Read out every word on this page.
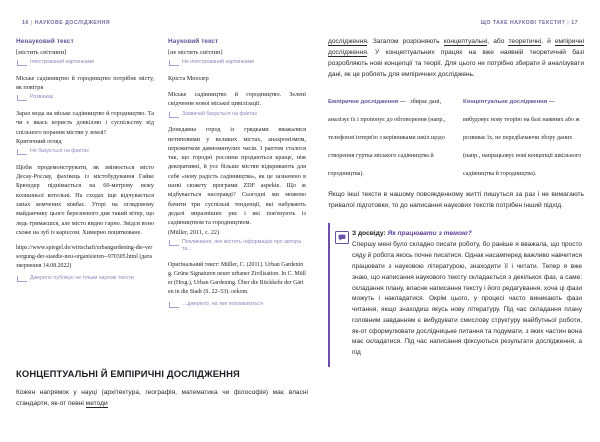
16 | НАУКОВЕ ДОСЛІДЖЕННЯ	ЩО ТАКЕ НАУКОВІ ТЕКСТИ? | 17
Ненауковий текст
[містить світлини]
Ілюстрований картинками
Міське садівництво й городництво потрібне місту, як повітря
Розважає
Зараз мода на міське садівництво й городництво. Та чи є якась користь довкіллю і суспільству від спільного порання містян у землі?
Критичний огляд
Не базується на фактах
Щоби продемонструвати, як змінюється місто Десау-Рослау, фахівець із містобудування Гайке Брюндер піднімається на 60-метрову вежу колишньої котельні. На сходах іще відчувається запах комчених ковбас. Угорі на оглядовому майданчику цього березневого дня такий вітер, що ледь тримаєшся, але місто видно гарно. Звідси воно схоже на зуб із карієсом. Химерно поцятковане.
https://www.spiegel.de/wirtschaft/urbangardening-die-versorgung-der-staedte-neu-organisieren--970305.html (дата звернення 14.08.2022)
Джерело публікує не тільки наукові тексти
Науковий текст
[не містить світлин]
Не ілюстрований картинками
Кріста Мюллер
Міське садівництво й городництво. Зелені свідчення нової міської цивілізації.
Зазвичай базується на фактах
Донедавна город із грядками вважалися нетиповими у великих містах, анахронізмом, пережитком давноминулих часів. І раптом сталося так, що городні рослини продаються краще, ніж декоративні, й усе більше містян відкривають для себе «нову радість садівництва», як це зазначено в назві сюжету програми ZDF aspekte. Що ж відбувається насправді? Сьогодні ми можемо бачити три суспільні тенденції, які набувають дедалі виразніших рис і які пов'язують із садівництвом та городництвом.
(Müller, 2011, с. 22)
Покликання, яке містить інформацію про автора та...
Оригінальний текст: Müller, C. (2011). Urban Gardening. Grüne Signaturen neuer urbaner Zivilisation. In C. Müller (Hrsg.), Urban Gardening. Über die Rückkehr der Gärten in die Stadt (S. 22–53). oekom.
…джерело, на яке покликаються
КОНЦЕПТУАЛЬНІ Й ЕМПІРИЧНІ ДОСЛІДЖЕННЯ

Кожен напрямок у науці (архітектура, географія, математика чи філософія) має власні стандарти, як-от певні методи

дослідження. Загалом розрізняють концептуальні, або теоретичні, й емпіричні дослідження. У концептуальних працях на вже наявній теоретичній базі розробляють нові концепції та теорії. Для цього не потрібно збирати й аналізувати дані, як це роблять для емпіричних досліджень.

Емпіричне дослідження — збирає дані, аналізує їх і пропонує до обговорення (напр., телефонні інтерв'ю з керівниками шкіл щодо створення гуртка міського садівництва й городництва).
Концептуальне дослідження — вибудовує нову теорію на базі наявних або ж розвиває їх, не передбачаючи збору даних (напр., напрацьовує нові концепції шкільного садівництва й городництва).

Якщо інші тексти в нашому повсякденному житті пишуться за раз і не вимагають тривалої підготовки, то до написання наукових текстів потрібен інший підхід.

З досвіду: Як працювати з темою?

Спершу мені було складно писати роботу, бо раніше я вважала, що просто сяду й робота якось почне писатися. Однак насамперед важливо навчитися працювати з науковою літературою, знаходити її і читати. Тепер я вже знаю, що написання наукового тексту складається з декількох фаз, а саме: складання плану, власне написання тексту і його редагування, хоча ці фази можуть і накладатися. Окрім цього, у процесі часто виникають фази читання, якщо знаходиш якусь нову літературу. Під час складання плану головним завданням є вибудувати смислову структуру майбутньої роботи, як-от сформулювати дослідницьке питання та подумати, з яких частин вона має складатися. Під час написання фіксуються результати дослідження, а під
